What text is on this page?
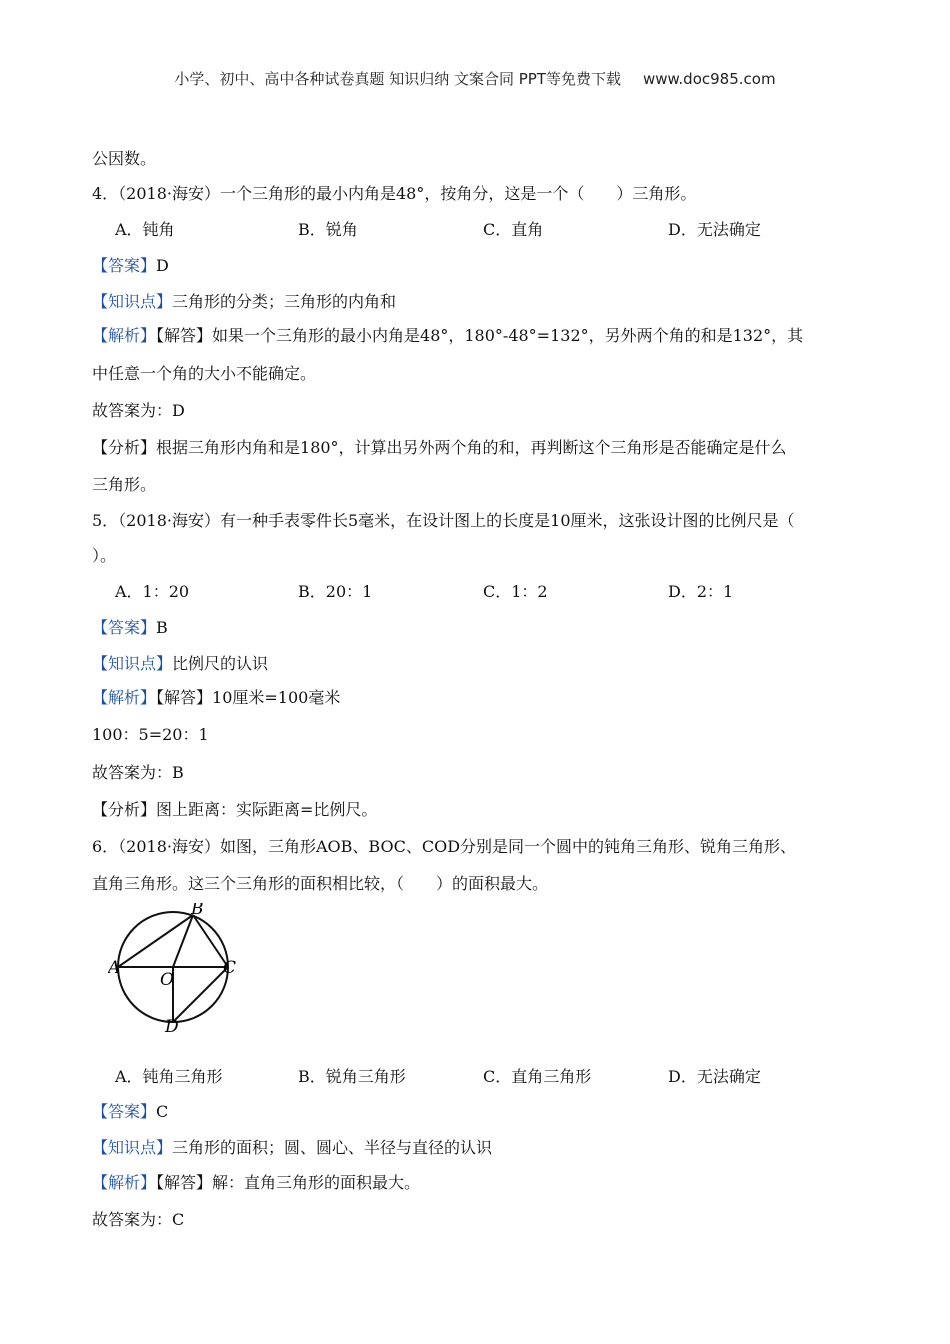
小学、初中、高中各种试卷真题 知识归纳 文案合同 PPT等免费下载 www.doc985.com
公因数。
4．（2018·海安）一个三角形的最小内角是48°，按角分，这是一个（　　）三角形。
A．钝角	B．锐角	C．直角	D．无法确定
【答案】D
【知识点】三角形的分类；三角形的内角和
【解析】【解答】如果一个三角形的最小内角是48°，180°-48°=132°，另外两个角的和是132°，其
中任意一个角的大小不能确定。
故答案为：D
【分析】根据三角形内角和是180°，计算出另外两个角的和，再判断这个三角形是否能确定是什么
三角形。
5．（2018·海安）有一种手表零件长5毫米，在设计图上的长度是10厘米，这张设计图的比例尺是（
）。
A．1：20	B．20：1	C．1：2	D．2：1
【答案】B
【知识点】比例尺的认识
【解析】【解答】10厘米=100毫米
100：5=20：1
故答案为：B
【分析】图上距离：实际距离=比例尺。
6．（2018·海安）如图，三角形AOB、BOC、COD分别是同一个圆中的钝角三角形、锐角三角形、
直角三角形。这三个三角形的面积相比较，（　　）的面积最大。
A
B
C
D
O
A．钝角三角形	B．锐角三角形	C．直角三角形	D．无法确定
【答案】C
【知识点】三角形的面积；圆、圆心、半径与直径的认识
【解析】【解答】解：直角三角形的面积最大。
故答案为：C
